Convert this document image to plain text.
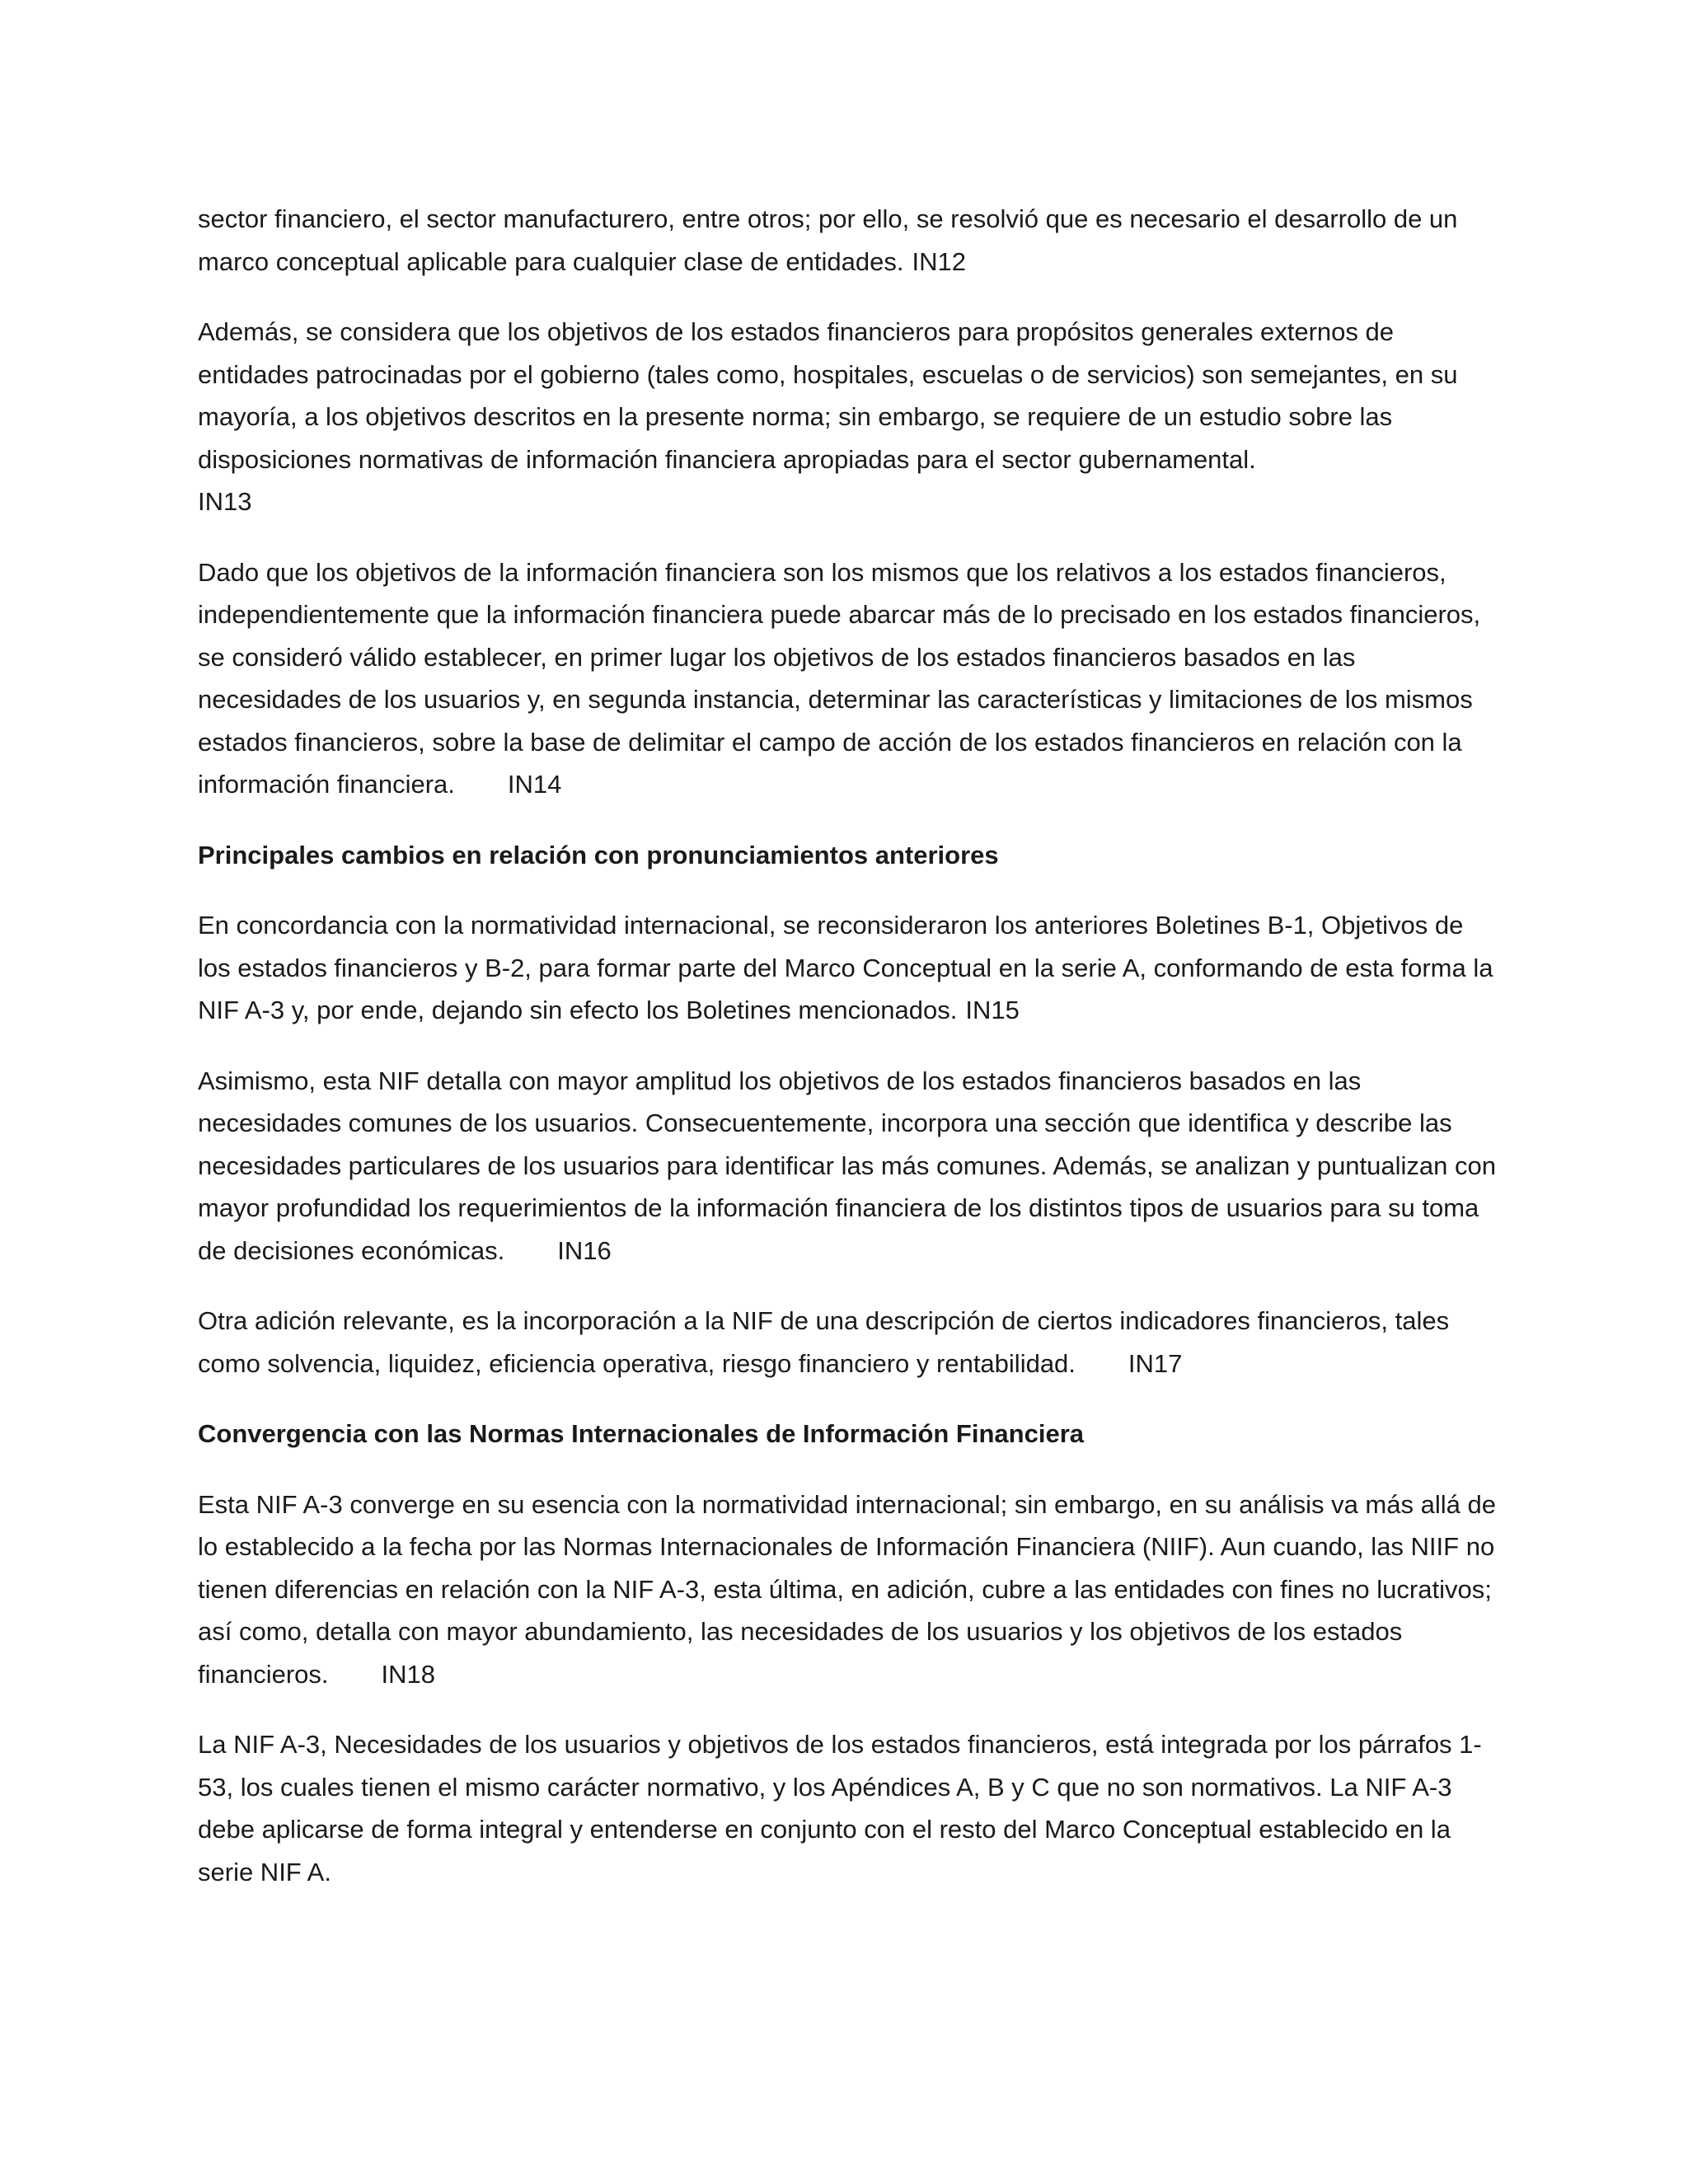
sector financiero, el sector manufacturero, entre otros; por ello, se resolvió que es necesario el desarrollo de un marco conceptual aplicable para cualquier clase de entidades. IN12

Además, se considera que los objetivos de los estados financieros para propósitos generales externos de entidades patrocinadas por el gobierno (tales como, hospitales, escuelas o de servicios) son semejantes, en su mayoría, a los objetivos descritos en la presente norma; sin embargo, se requiere de un estudio sobre las disposiciones normativas de información financiera apropiadas para el sector gubernamental.
IN13

Dado que los objetivos de la información financiera son los mismos que los relativos a los estados financieros, independientemente que la información financiera puede abarcar más de lo precisado en los estados financieros, se consideró válido establecer, en primer lugar los objetivos de los estados financieros basados en las necesidades de los usuarios y, en segunda instancia, determinar las características y limitaciones de los mismos estados financieros, sobre la base de delimitar el campo de acción de los estados financieros en relación con la información financiera. IN14

Principales cambios en relación con pronunciamientos anteriores

En concordancia con la normatividad internacional, se reconsideraron los anteriores Boletines B-1, Objetivos de los estados financieros y B-2, para formar parte del Marco Conceptual en la serie A, conformando de esta forma la NIF A-3 y, por ende, dejando sin efecto los Boletines mencionados. IN15

Asimismo, esta NIF detalla con mayor amplitud los objetivos de los estados financieros basados en las necesidades comunes de los usuarios. Consecuentemente, incorpora una sección que identifica y describe las necesidades particulares de los usuarios para identificar las más comunes. Además, se analizan y puntualizan con mayor profundidad los requerimientos de la información financiera de los distintos tipos de usuarios para su toma de decisiones económicas. IN16

Otra adición relevante, es la incorporación a la NIF de una descripción de ciertos indicadores financieros, tales como solvencia, liquidez, eficiencia operativa, riesgo financiero y rentabilidad. IN17

Convergencia con las Normas Internacionales de Información Financiera

Esta NIF A-3 converge en su esencia con la normatividad internacional; sin embargo, en su análisis va más allá de lo establecido a la fecha por las Normas Internacionales de Información Financiera (NIIF). Aun cuando, las NIIF no tienen diferencias en relación con la NIF A-3, esta última, en adición, cubre a las entidades con fines no lucrativos; así como, detalla con mayor abundamiento, las necesidades de los usuarios y los objetivos de los estados financieros. IN18

La NIF A-3, Necesidades de los usuarios y objetivos de los estados financieros, está integrada por los párrafos 1-53, los cuales tienen el mismo carácter normativo, y los Apéndices A, B y C que no son normativos. La NIF A-3 debe aplicarse de forma integral y entenderse en conjunto con el resto del Marco Conceptual establecido en la serie NIF A.
